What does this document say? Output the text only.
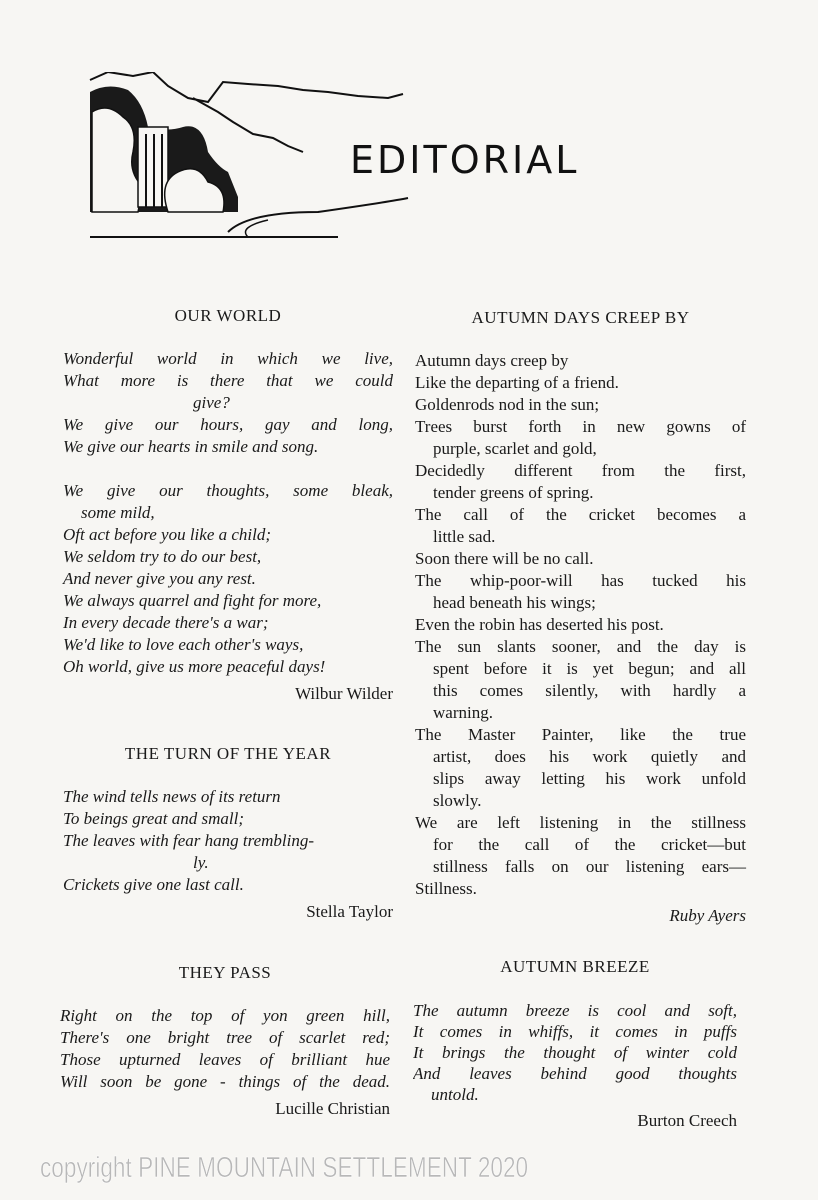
EDITORIAL
OUR WORLD
Wonderful world in which we live,
What more is there that we could
give?
We give our hours, gay and long,
We give our hearts in smile and song.
We give our thoughts, some bleak,
some mild,
Oft act before you like a child;
We seldom try to do our best,
And never give you any rest.
We always quarrel and fight for more,
In every decade there's a war;
We'd like to love each other's ways,
Oh world, give us more peaceful days!
Wilbur Wilder
THE TURN OF THE YEAR
The wind tells news of its return
To beings great and small;
The leaves with fear hang trembling-
ly.
Crickets give one last call.
Stella Taylor
THEY PASS
Right on the top of yon green hill,
There's one bright tree of scarlet red;
Those upturned leaves of brilliant hue
Will soon be gone - things of the dead.
Lucille Christian
AUTUMN DAYS CREEP BY
Autumn days creep by
Like the departing of a friend.
Goldenrods nod in the sun;
Trees burst forth in new gowns of
purple, scarlet and gold,
Decidedly different from the first,
tender greens of spring.
The call of the cricket becomes a
little sad.
Soon there will be no call.
The whip-poor-will has tucked his
head beneath his wings;
Even the robin has deserted his post.
The sun slants sooner, and the day is
spent before it is yet begun; and all
this comes silently, with hardly a
warning.
The Master Painter, like the true
artist, does his work quietly and
slips away letting his work unfold
slowly.
We are left listening in the stillness
for the call of the cricket—but
stillness falls on our listening ears—
Stillness.
Ruby Ayers
AUTUMN BREEZE
The autumn breeze is cool and soft,
It comes in whiffs, it comes in puffs
It brings the thought of winter cold
And leaves behind good thoughts
untold.
Burton Creech
copyright PINE MOUNTAIN SETTLEMENT 2020
